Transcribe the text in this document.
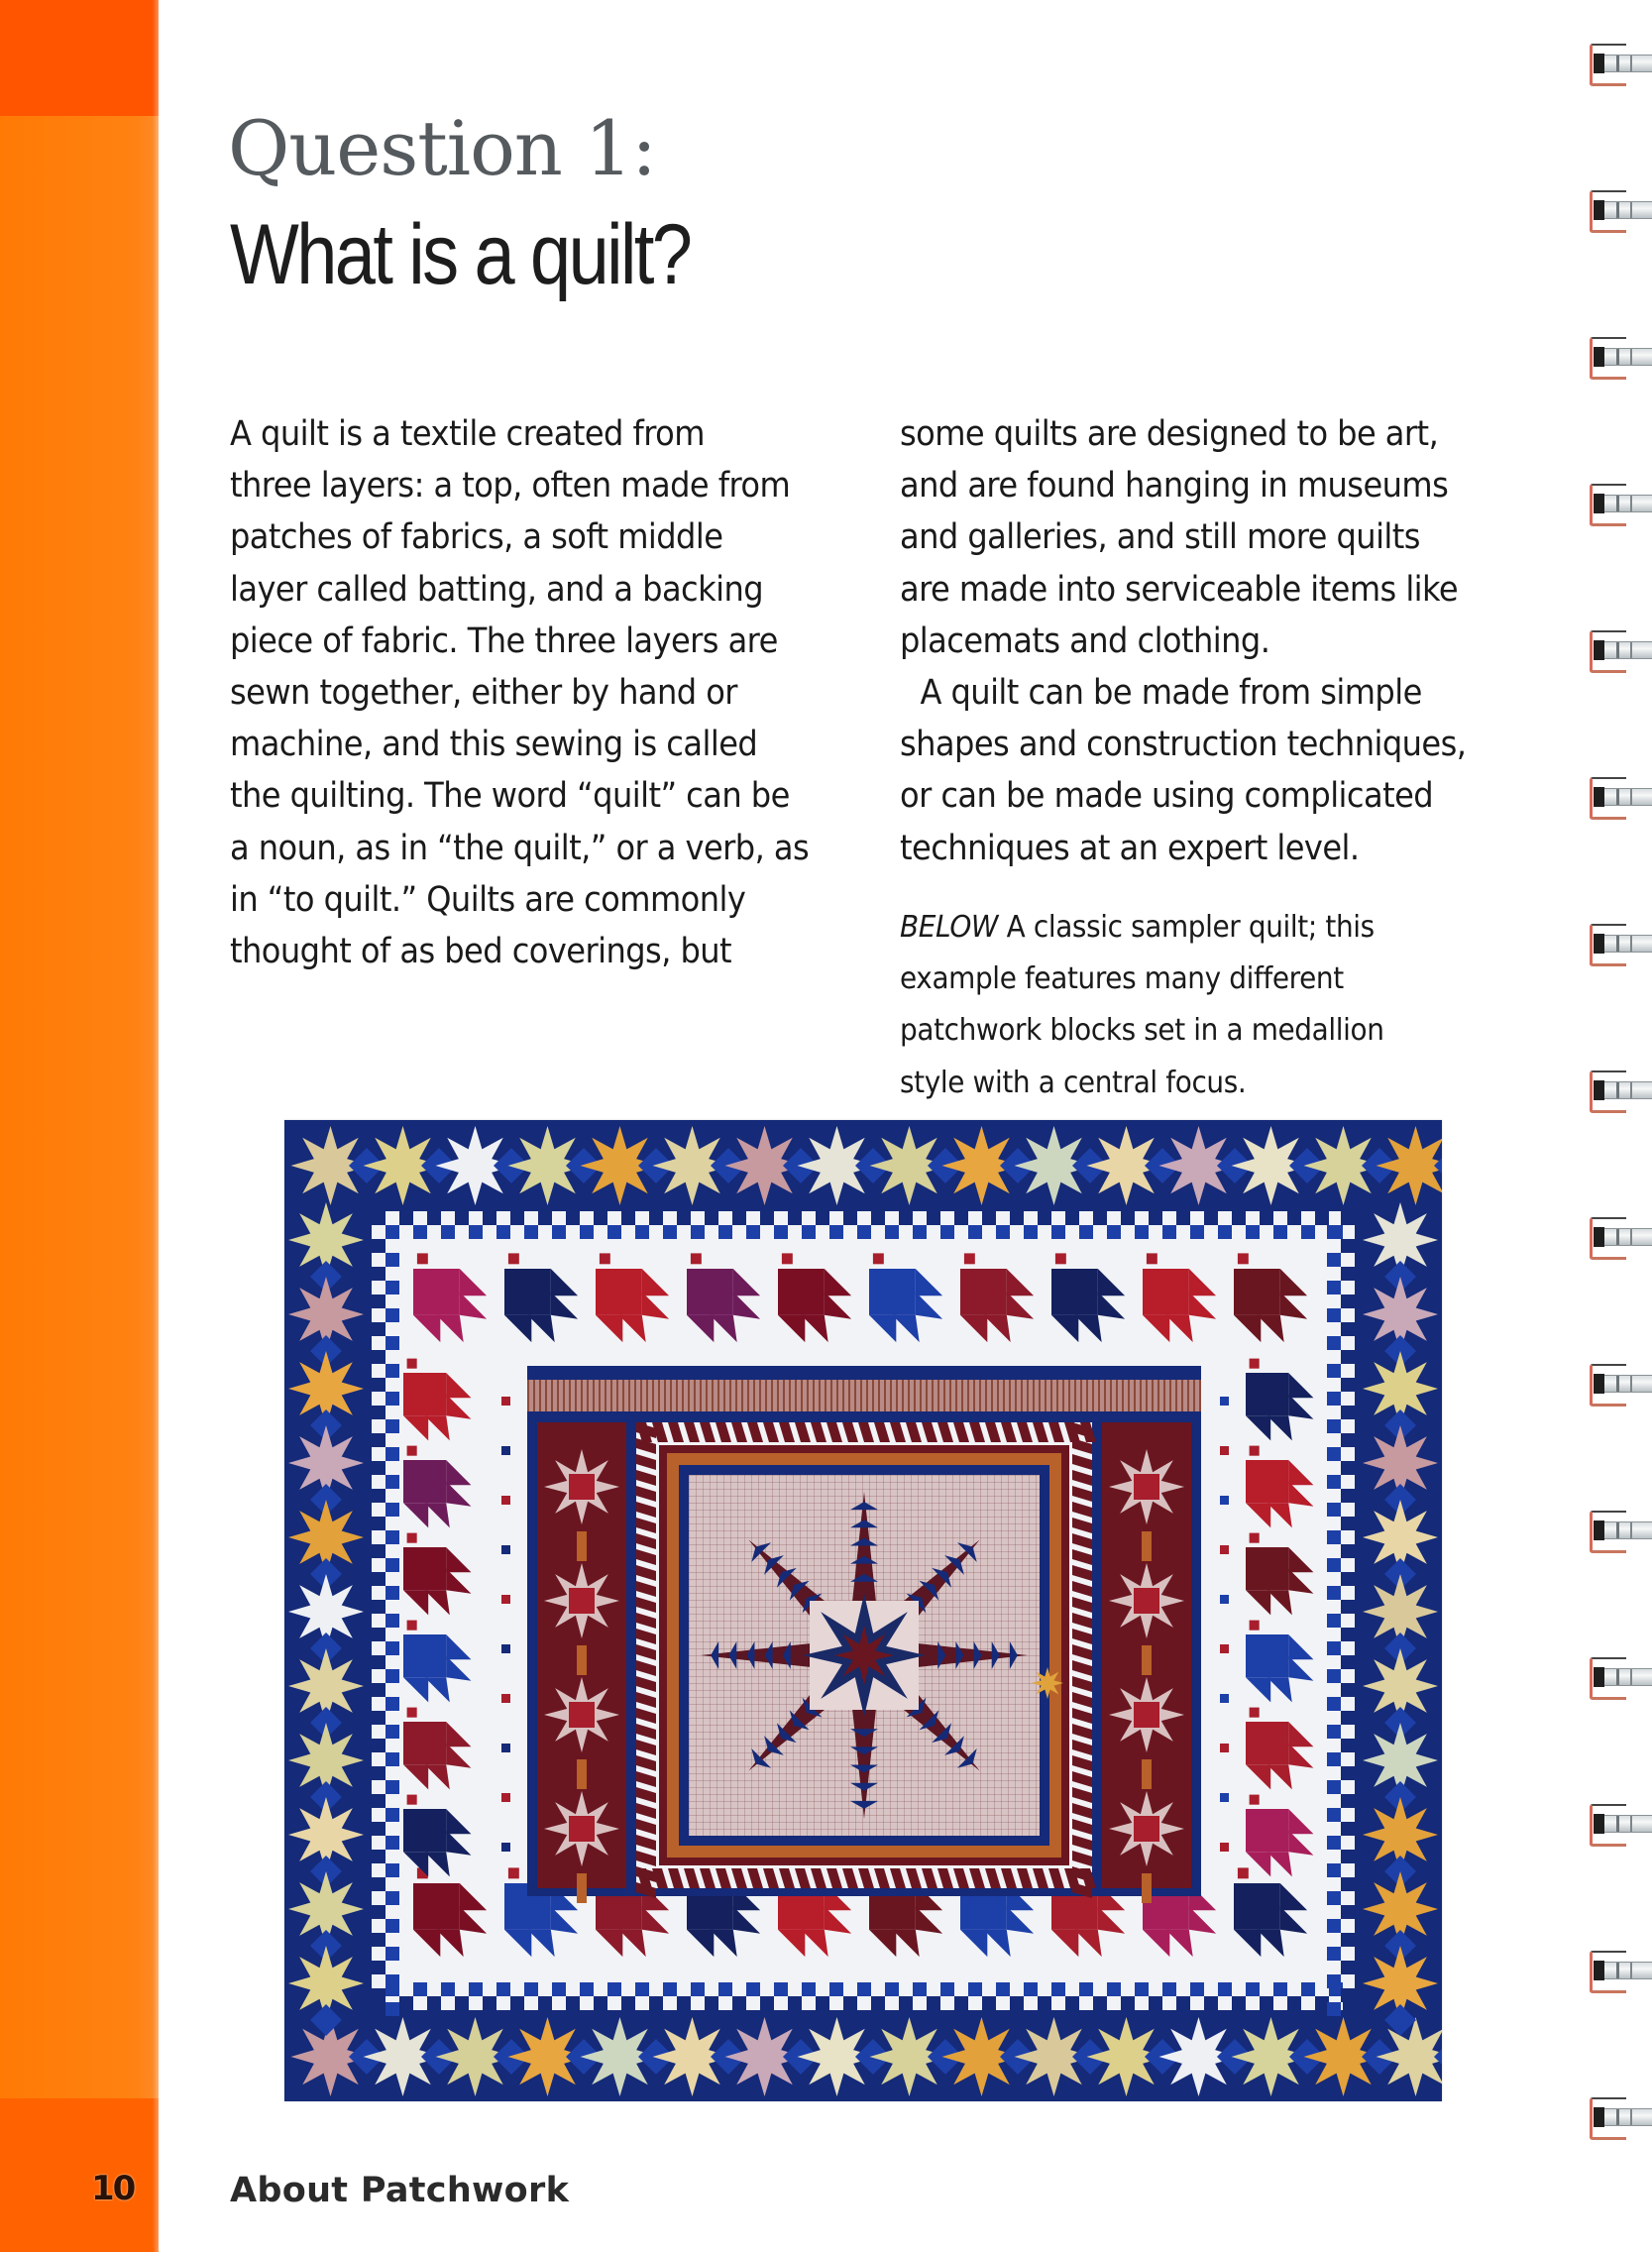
Question 1:
What is a quilt?
A quilt is a textile created from
three layers: a top, often made from
patches of fabrics, a soft middle
layer called batting, and a backing
piece of fabric. The three layers are
sewn together, either by hand or
machine, and this sewing is called
the quilting. The word “quilt” can be
a noun, as in “the quilt,” or a verb, as
in “to quilt.” Quilts are commonly
thought of as bed coverings, but
some quilts are designed to be art,
and are found hanging in museums
and galleries, and still more quilts
are made into serviceable items like
placemats and clothing.
A quilt can be made from simple
shapes and construction techniques,
or can be made using complicated
techniques at an expert level.
BELOW A classic sampler quilt; this
example features many different
patchwork blocks set in a medallion
style with a central focus.
10	About Patchwork
